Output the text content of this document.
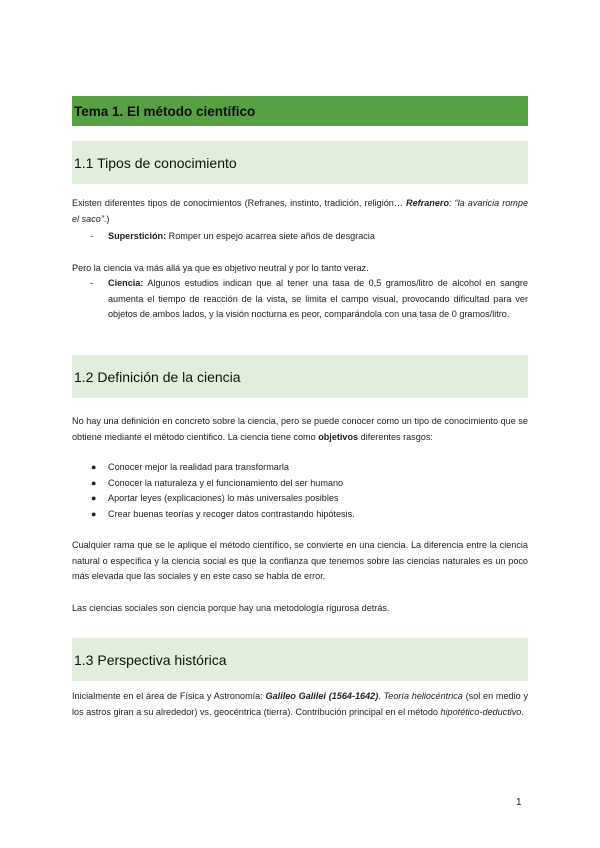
Tema 1. El método científico
1.1 Tipos de conocimiento
Existen diferentes tipos de conocimientos (Refranes, instinto, tradición, religión… Refranero: “la avaricia rompe el saco”.)
- Superstición: Romper un espejo acarrea siete años de desgracia
Pero la ciencia va más allá ya que es objetivo neutral y por lo tanto veraz.
- Ciencia: Algunos estudios indican que al tener una tasa de 0,5 gramos/litro de alcohol en sangre aumenta el tiempo de reacción de la vista, se limita el campo visual, provocando dificultad para ver objetos de ambos lados, y la visión nocturna es peor, comparándola con una tasa de 0 gramos/litro.
1.2 Definición de la ciencia
No hay una definición en concreto sobre la ciencia, pero se puede conocer como un tipo de conocimiento que se obtiene mediante el método científico. La ciencia tiene como objetivos diferentes rasgos:
● Conocer mejor la realidad para transformarla
● Conocer la naturaleza y el funcionamiento del ser humano
● Aportar leyes (explicaciones) lo más universales posibles
● Crear buenas teorías y recoger datos contrastando hipótesis.
Cualquier rama que se le aplique el método científico, se convierte en una ciencia. La diferencia entre la ciencia natural o específica y la ciencia social es que la confianza que tenemos sobre las ciencias naturales es un poco más elevada que las sociales y en este caso se habla de error.
Las ciencias sociales son ciencia porque hay una metodología rigurosa detrás.
1.3 Perspectiva histórica
Inicialmente en el área de Física y Astronomía: Galileo Galilei (1564-1642). Teoría heliocéntrica (sol en medio y los astros giran a su alrededor) vs. geocéntrica (tierra). Contribución principal en el método hipotético-deductivo.
1
